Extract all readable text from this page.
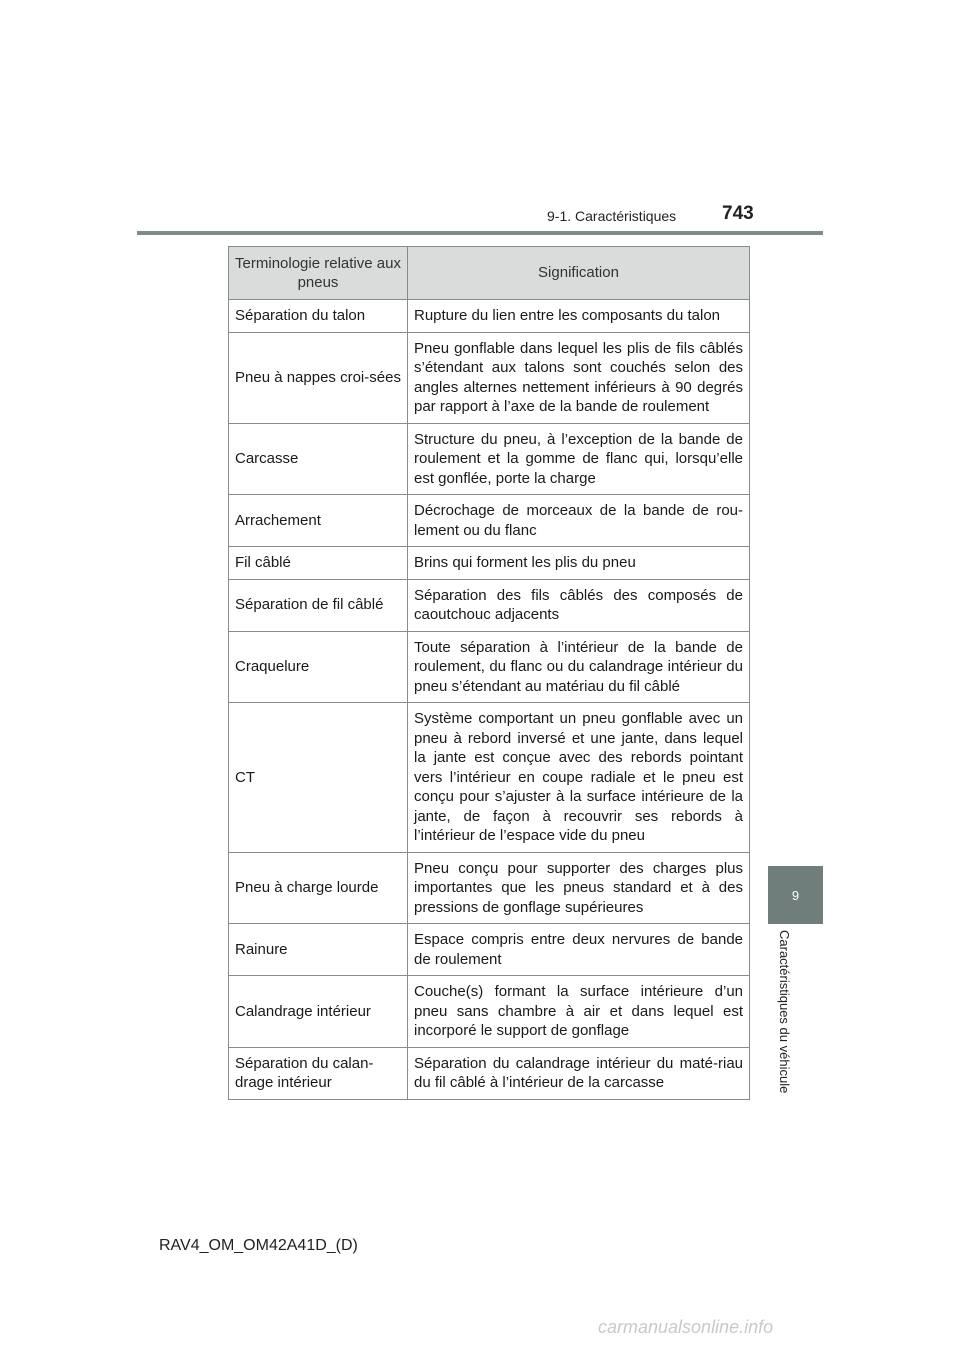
9-1. Caractéristiques 743
9
Caractéristiques du véhicule
Terminologie relative aux pneus	Signification
Séparation du talon	Rupture du lien entre les composants du talon
Pneu à nappes croi-sées	Pneu gonflable dans lequel les plis de fils câblés s’étendant aux talons sont couchés selon des angles alternes nettement inférieurs à 90 degrés par rapport à l’axe de la bande de roulement
Carcasse	Structure du pneu, à l’exception de la bande de roulement et la gomme de flanc qui, lorsqu’elle est gonflée, porte la charge
Arrachement	Décrochage de morceaux de la bande de rou-lement ou du flanc
Fil câblé	Brins qui forment les plis du pneu
Séparation de fil câblé	Séparation des fils câblés des composés de caoutchouc adjacents
Craquelure	Toute séparation à l’intérieur de la bande de roulement, du flanc ou du calandrage intérieur du pneu s’étendant au matériau du fil câblé
CT	Système comportant un pneu gonflable avec un pneu à rebord inversé et une jante, dans lequel la jante est conçue avec des rebords pointant vers l’intérieur en coupe radiale et le pneu est conçu pour s’ajuster à la surface intérieure de la jante, de façon à recouvrir ses rebords à l’intérieur de l’espace vide du pneu
Pneu à charge lourde	Pneu conçu pour supporter des charges plus importantes que les pneus standard et à des pressions de gonflage supérieures
Rainure	Espace compris entre deux nervures de bande de roulement
Calandrage intérieur	Couche(s) formant la surface intérieure d’un pneu sans chambre à air et dans lequel est incorporé le support de gonflage
Séparation du calan-drage intérieur	Séparation du calandrage intérieur du maté-riau du fil câblé à l’intérieur de la carcasse
RAV4_OM_OM42A41D_(D)
carmanualsonline.info
